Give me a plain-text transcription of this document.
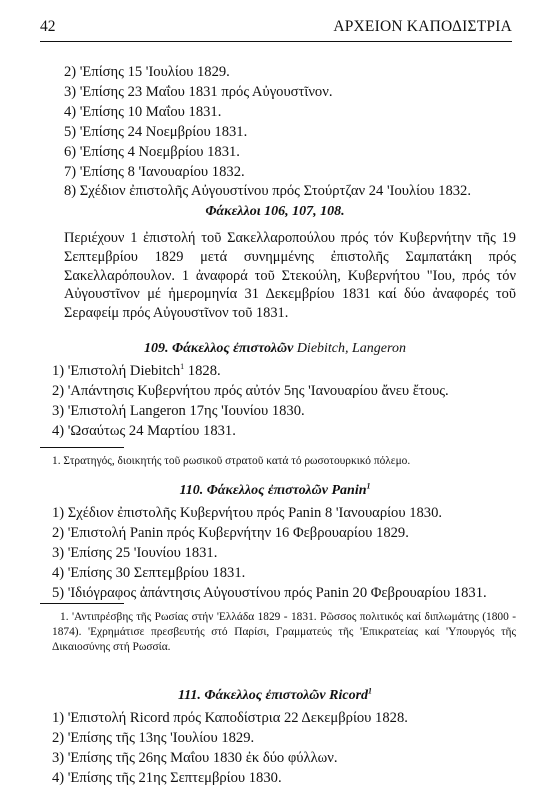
42	ΑΡΧΕΙΟΝ ΚΑΠΟΔΙΣΤΡΙΑ
2) 'Επίσης 15 'Ιουλίου 1829.
3) 'Επίσης 23 Μαΐου 1831 πρός Αὐγουστῖνον.
4) 'Επίσης 10 Μαΐου 1831.
5) 'Επίσης 24 Νοεμβρίου 1831.
6) 'Επίσης 4 Νοεμβρίου 1831.
7) 'Επίσης 8 'Ιανουαρίου 1832.
8) Σχέδιον ἐπιστολῆς Αὐγουστίνου πρός Στούρτζαν 24 'Ιουλίου 1832.
Φάκελλοι 106, 107, 108.

Περιέχουν 1 ἐπιστολή τοῦ Σακελλαροπούλου πρός τόν Κυβερνήτην τῆς 19 Σεπτεμβρίου 1829 μετά συνημμένης ἐπιστολῆς Σαμπατάκη πρός Σακελλαρόπουλον. 1 ἀναφορά τοῦ Στεκούλη, Κυβερνήτου "Ιου, πρός τόν Αὐγουστῖνον μέ ἡμερομηνία 31 Δεκεμβρίου 1831 καί δύο ἀναφορές τοῦ Σεραφείμ πρός Αὐγουστῖνον τοῦ 1831.

109. Φάκελλος ἐπιστολῶν Diebitch, Langeron
1) 'Επιστολή Diebitch$^1$ 1828.
2) 'Απάντησις Κυβερνήτου πρός αὐτόν 5ης 'Ιανουαρίου ἄνευ ἔτους.
3) 'Επιστολή Langeron 17ης 'Ιουνίου 1830.
4) 'Ωσαύτως 24 Μαρτίου 1831.

1. Στρατηγός, διοικητής τοῦ ρωσικοῦ στρατοῦ κατά τό ρωσοτουρκικό πόλεμο.

110. Φάκελλος ἐπιστολῶν Panin$^1$
1) Σχέδιον ἐπιστολῆς Κυβερνήτου πρός Panin 8 'Ιανουαρίου 1830.
2) 'Επιστολή Panin πρός Κυβερνήτην 16 Φεβρουαρίου 1829.
3) 'Επίσης 25 'Ιουνίου 1831.
4) 'Επίσης 30 Σεπτεμβρίου 1831.
5) 'Ιδιόγραφος ἀπάντησις Αὐγουστίνου πρός Panin 20 Φεβρουαρίου 1831.

1. 'Αντιπρέσβης τῆς Ρωσίας στήν 'Ελλάδα 1829 - 1831. Ρῶσσος πολιτικός καί διπλωμάτης (1800 - 1874). 'Εχρημάτισε πρεσβευτής στό Παρίσι, Γραμματεύς τῆς 'Επικρατείας καί 'Υπουργός τῆς Δικαιοσύνης στή Ρωσσία.

111. Φάκελλος ἐπιστολῶν Ricord$^1$
1) 'Επιστολή Ricord πρός Καποδίστρια 22 Δεκεμβρίου 1828.
2) 'Επίσης τῆς 13ης 'Ιουλίου 1829.
3) 'Επίσης τῆς 26ης Μαΐου 1830 ἐκ δύο φύλλων.
4) 'Επίσης τῆς 21ης Σεπτεμβρίου 1830.
